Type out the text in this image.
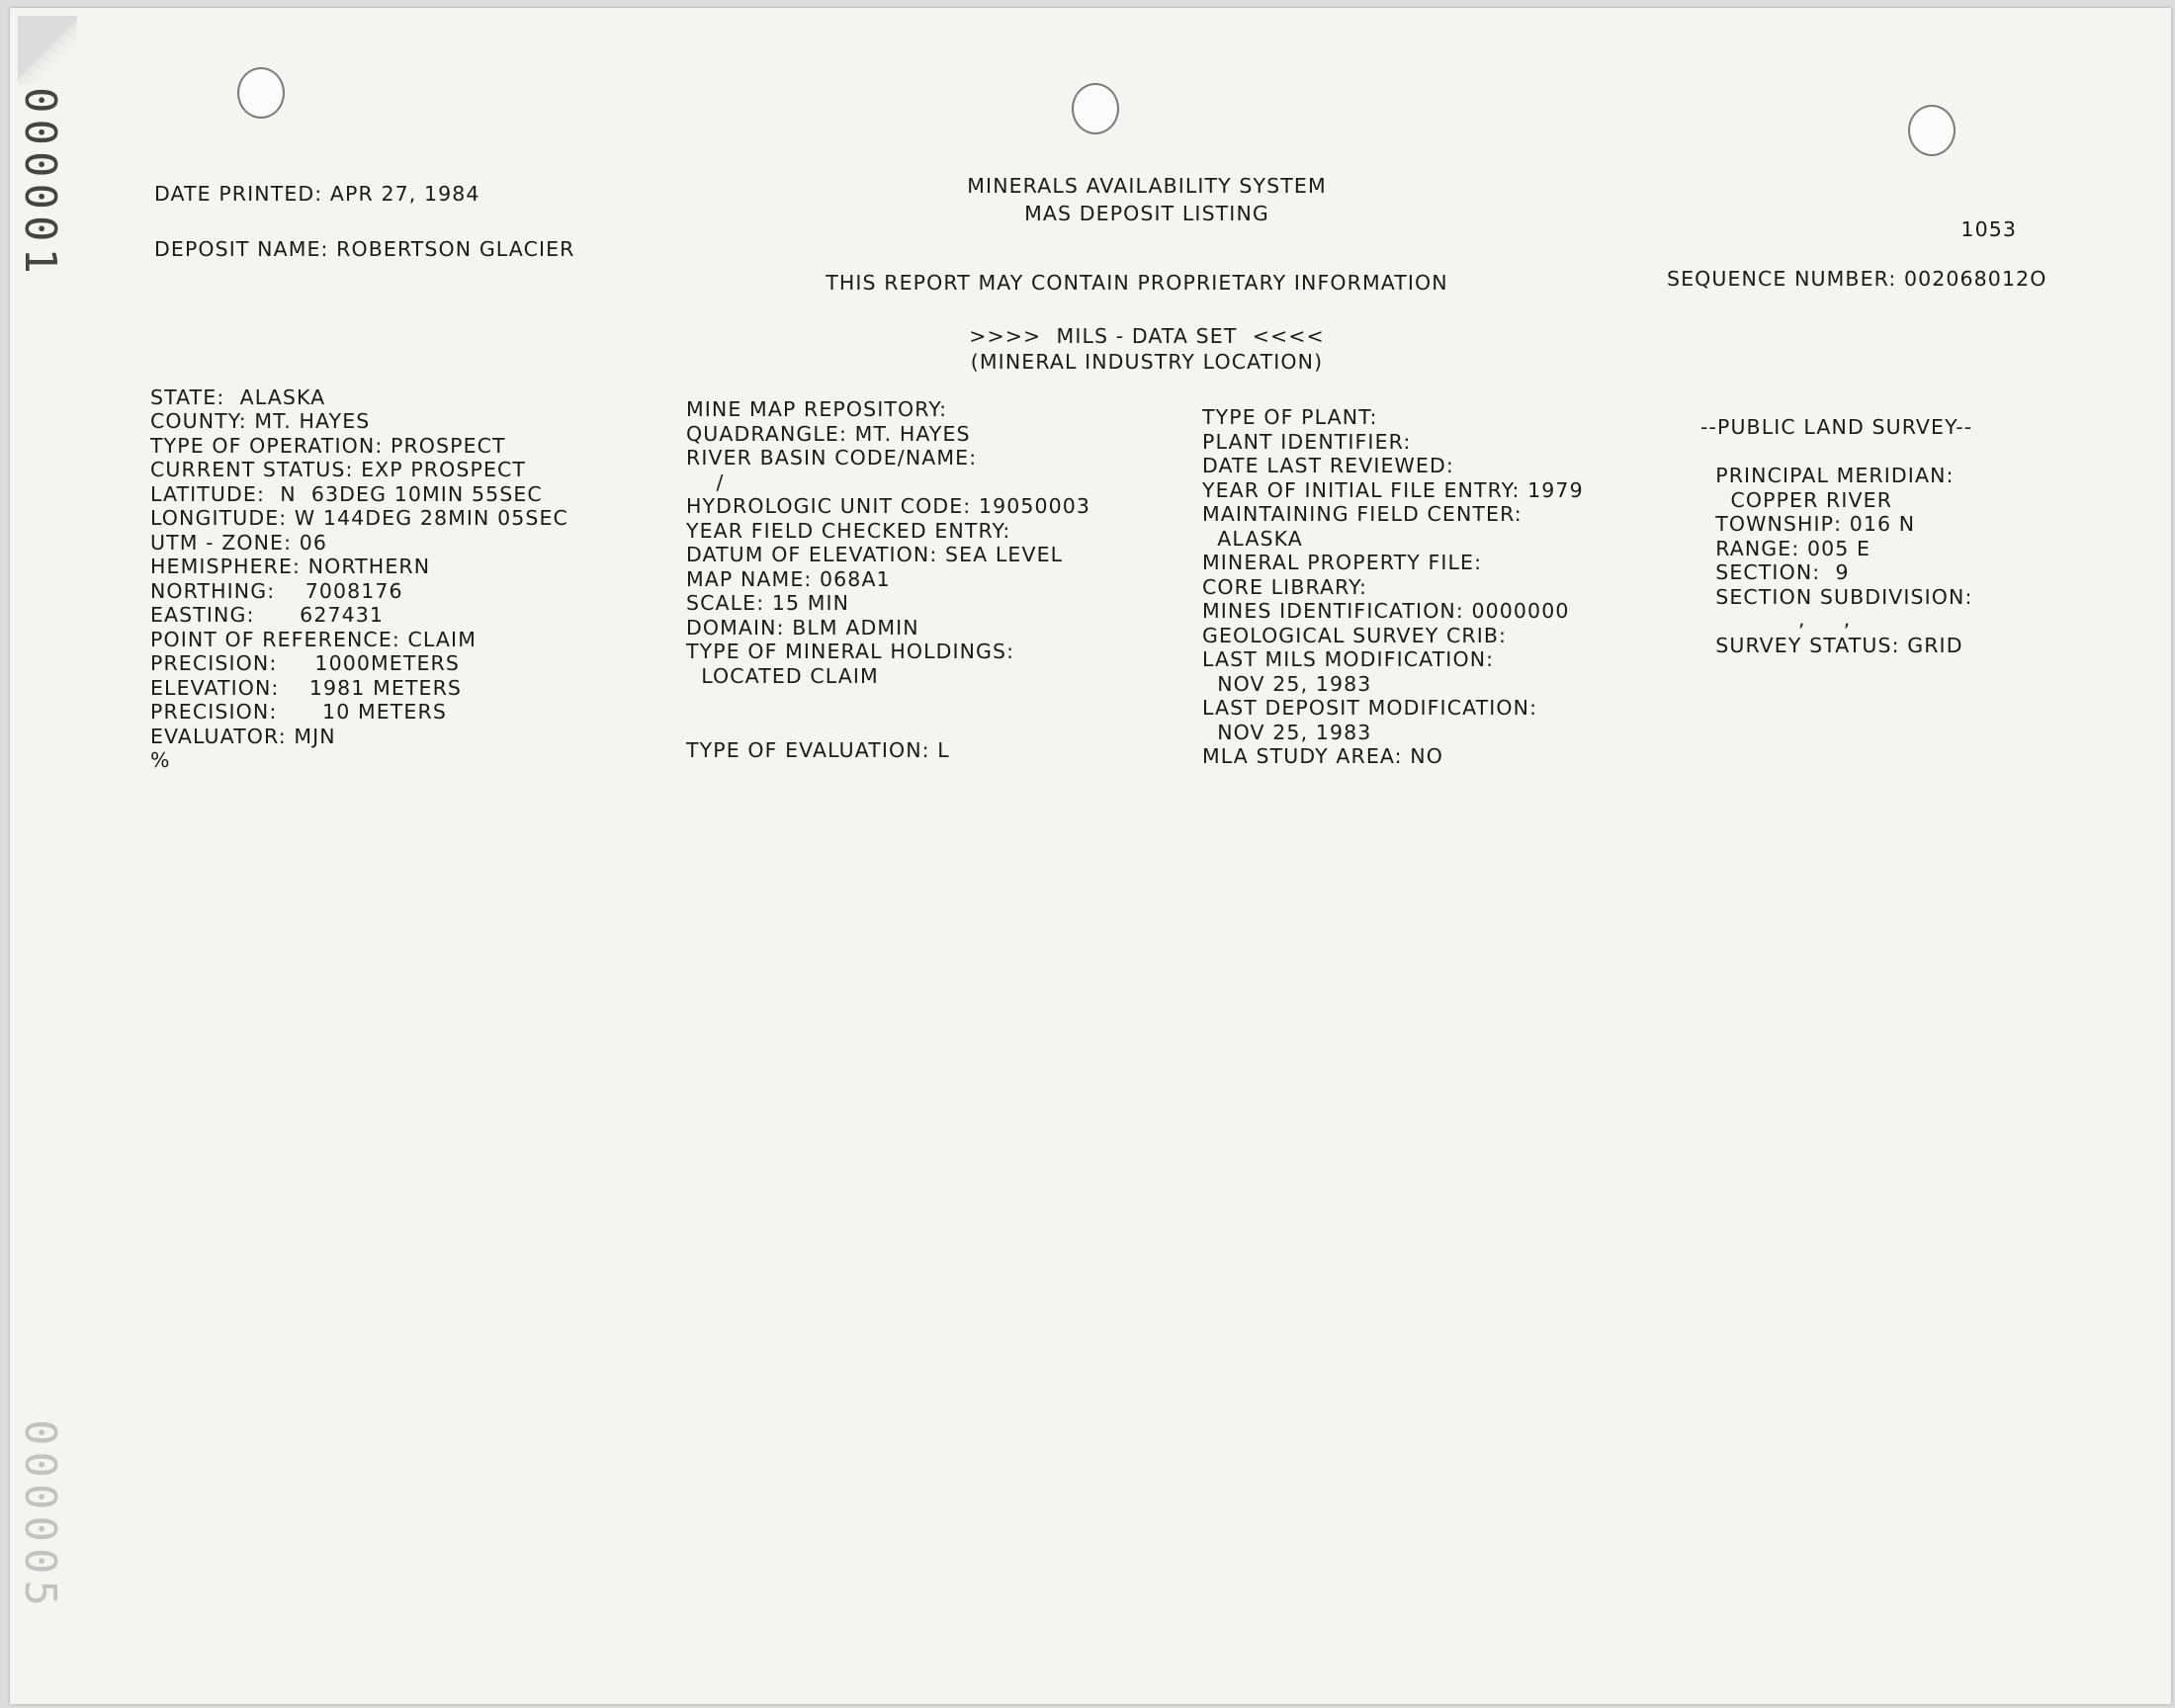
000001
000005

DATE PRINTED: APR 27, 1984

DEPOSIT NAME: ROBERTSON GLACIER

MINERALS AVAILABILITY SYSTEM

MAS DEPOSIT LISTING

THIS REPORT MAY CONTAIN PROPRIETARY INFORMATION

1053

SEQUENCE NUMBER: 002068012O

>>>>  MILS - DATA SET  <<<<

(MINERAL INDUSTRY LOCATION)

STATE:  ALASKA

COUNTY: MT. HAYES

TYPE OF OPERATION: PROSPECT

CURRENT STATUS: EXP PROSPECT

LATITUDE:  N  63DEG 10MIN 55SEC

LONGITUDE: W 144DEG 28MIN 05SEC

UTM - ZONE: 06

HEMISPHERE: NORTHERN

NORTHING:    7008176

EASTING:      627431

POINT OF REFERENCE: CLAIM

PRECISION:     1000METERS

ELEVATION:    1981 METERS

PRECISION:      10 METERS

EVALUATOR: MJN

%

MINE MAP REPOSITORY:

QUADRANGLE: MT. HAYES

RIVER BASIN CODE/NAME:

/

HYDROLOGIC UNIT CODE: 19050003

YEAR FIELD CHECKED ENTRY:

DATUM OF ELEVATION: SEA LEVEL

MAP NAME: 068A1

SCALE: 15 MIN

DOMAIN: BLM ADMIN

TYPE OF MINERAL HOLDINGS:

LOCATED CLAIM

TYPE OF EVALUATION: L

TYPE OF PLANT:

PLANT IDENTIFIER:

DATE LAST REVIEWED:

YEAR OF INITIAL FILE ENTRY: 1979

MAINTAINING FIELD CENTER:

ALASKA

MINERAL PROPERTY FILE:

CORE LIBRARY:

MINES IDENTIFICATION: 0000000

GEOLOGICAL SURVEY CRIB:

LAST MILS MODIFICATION:

NOV 25, 1983

LAST DEPOSIT MODIFICATION:

NOV 25, 1983

MLA STUDY AREA: NO

--PUBLIC LAND SURVEY--

PRINCIPAL MERIDIAN:

COPPER RIVER

TOWNSHIP: 016 N

RANGE: 005 E

SECTION:  9

SECTION SUBDIVISION:

,     ,

SURVEY STATUS: GRID
